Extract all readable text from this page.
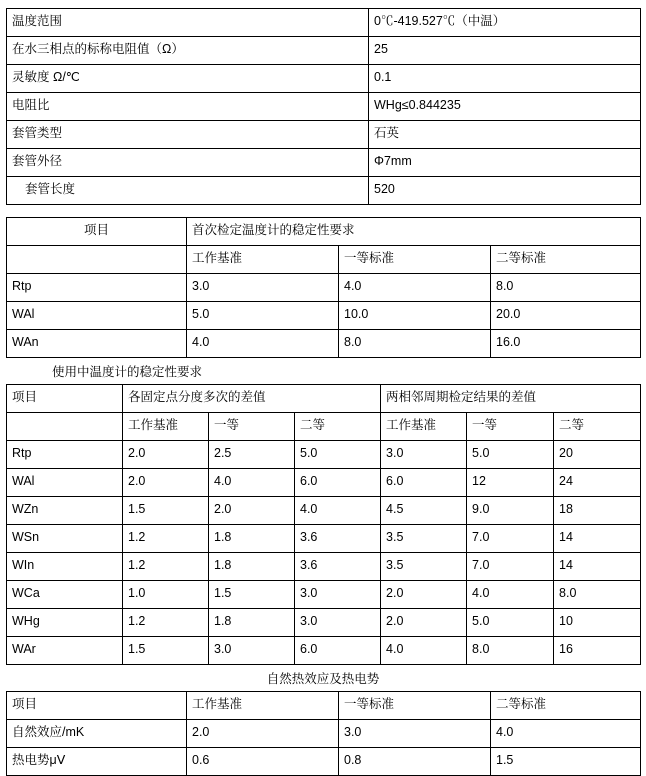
温度范围	0℃-419.527℃（中温）
在水三相点的标称电阻值（Ω）	25
灵敏度 Ω/℃	0.1
电阻比	WHg≤0.844235
套管类型	石英
套管外径	Φ7mm
套管长度	520
项目	首次检定温度计的稳定性要求		
	工作基准	一等标准	二等标准
Rtp	3.0	4.0	8.0
WAl	5.0	10.0	20.0
WAn	4.0	8.0	16.0
使用中温度计的稳定性要求
项目	各固定点分度多次的差值			两相邻周期检定结果的差值		
	工作基准	一等	二等	工作基准	一等	二等
Rtp	2.0	2.5	5.0	3.0	5.0	20
WAl	2.0	4.0	6.0	6.0	12	24
WZn	1.5	2.0	4.0	4.5	9.0	18
WSn	1.2	1.8	3.6	3.5	7.0	14
WIn	1.2	1.8	3.6	3.5	7.0	14
WCa	1.0	1.5	3.0	2.0	4.0	8.0
WHg	1.2	1.8	3.0	2.0	5.0	10
WAr	1.5	3.0	6.0	4.0	8.0	16
自然热效应及热电势
项目	工作基准	一等标准	二等标准
自然效应/mK	2.0	3.0	4.0
热电势μⅤ	0.6	0.8	1.5
